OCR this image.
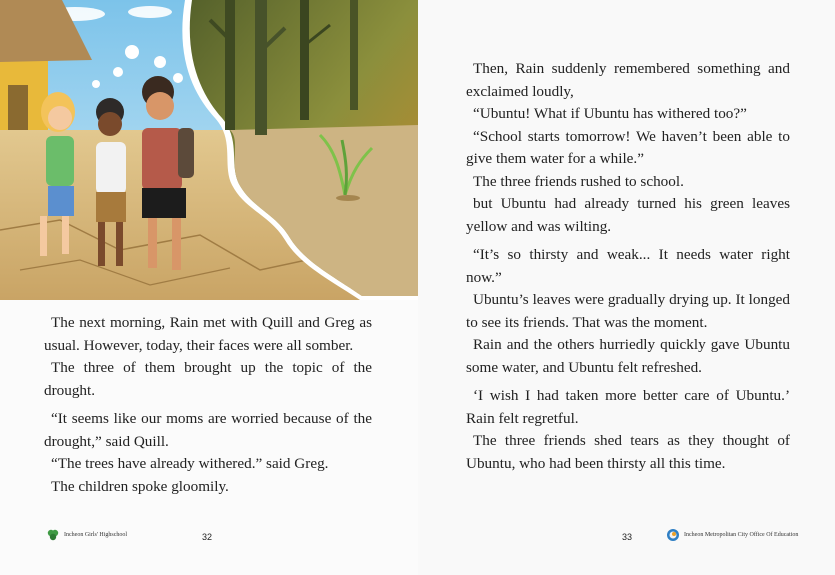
The next morning, Rain met with Quill and Greg as usual. However, today, their faces were all somber.

The three of them brought up the topic of the drought.

“It seems like our moms are worried because of the drought,” said Quill.

“The trees have already withered.” said Greg.

The children spoke gloomily.

Incheon Girls' Highschool	32

Then, Rain suddenly remembered something and exclaimed loudly,

“Ubuntu! What if Ubuntu has withered too?”

“School starts tomorrow! We haven’t been able to give them water for a while.”

The three friends rushed to school.

but Ubuntu had already turned his green leaves yellow and was wilting.

“It’s so thirsty and weak... It needs water right now.”

Ubuntu’s leaves were gradually drying up. It longed to see its friends. That was the moment.

Rain and the others hurriedly quickly gave Ubuntu some water, and Ubuntu felt refreshed.

‘I wish I had taken more better care of Ubuntu.’ Rain felt regretful.

The three friends shed tears as they thought of Ubuntu, who had been thirsty all this time.

33	Incheon Metropolitan City Office Of Education
